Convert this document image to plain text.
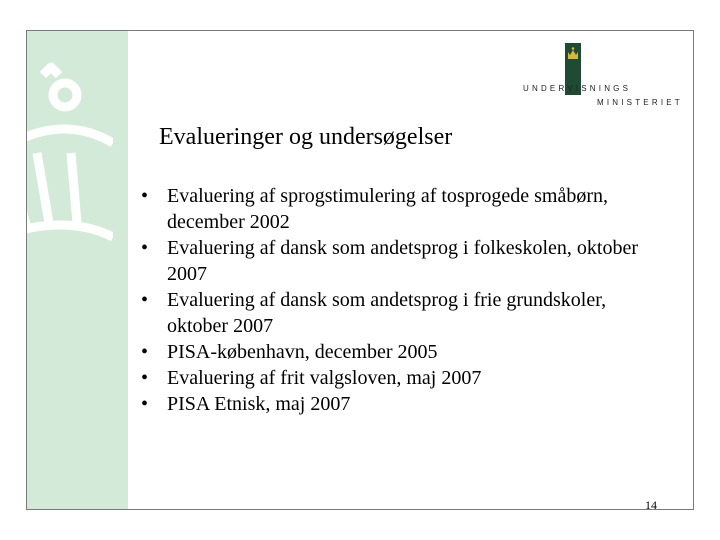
UNDERVISNINGS
MINISTERIET
Evalueringer og undersøgelser
• Evaluering af sprogstimulering af tosprogede småbørn, december 2002
• Evaluering af dansk som andetsprog i folkeskolen, oktober 2007
• Evaluering af dansk som andetsprog i frie grundskoler, oktober 2007
• PISA-københavn, december 2005
• Evaluering af frit valgsloven, maj 2007
• PISA Etnisk, maj 2007
14
